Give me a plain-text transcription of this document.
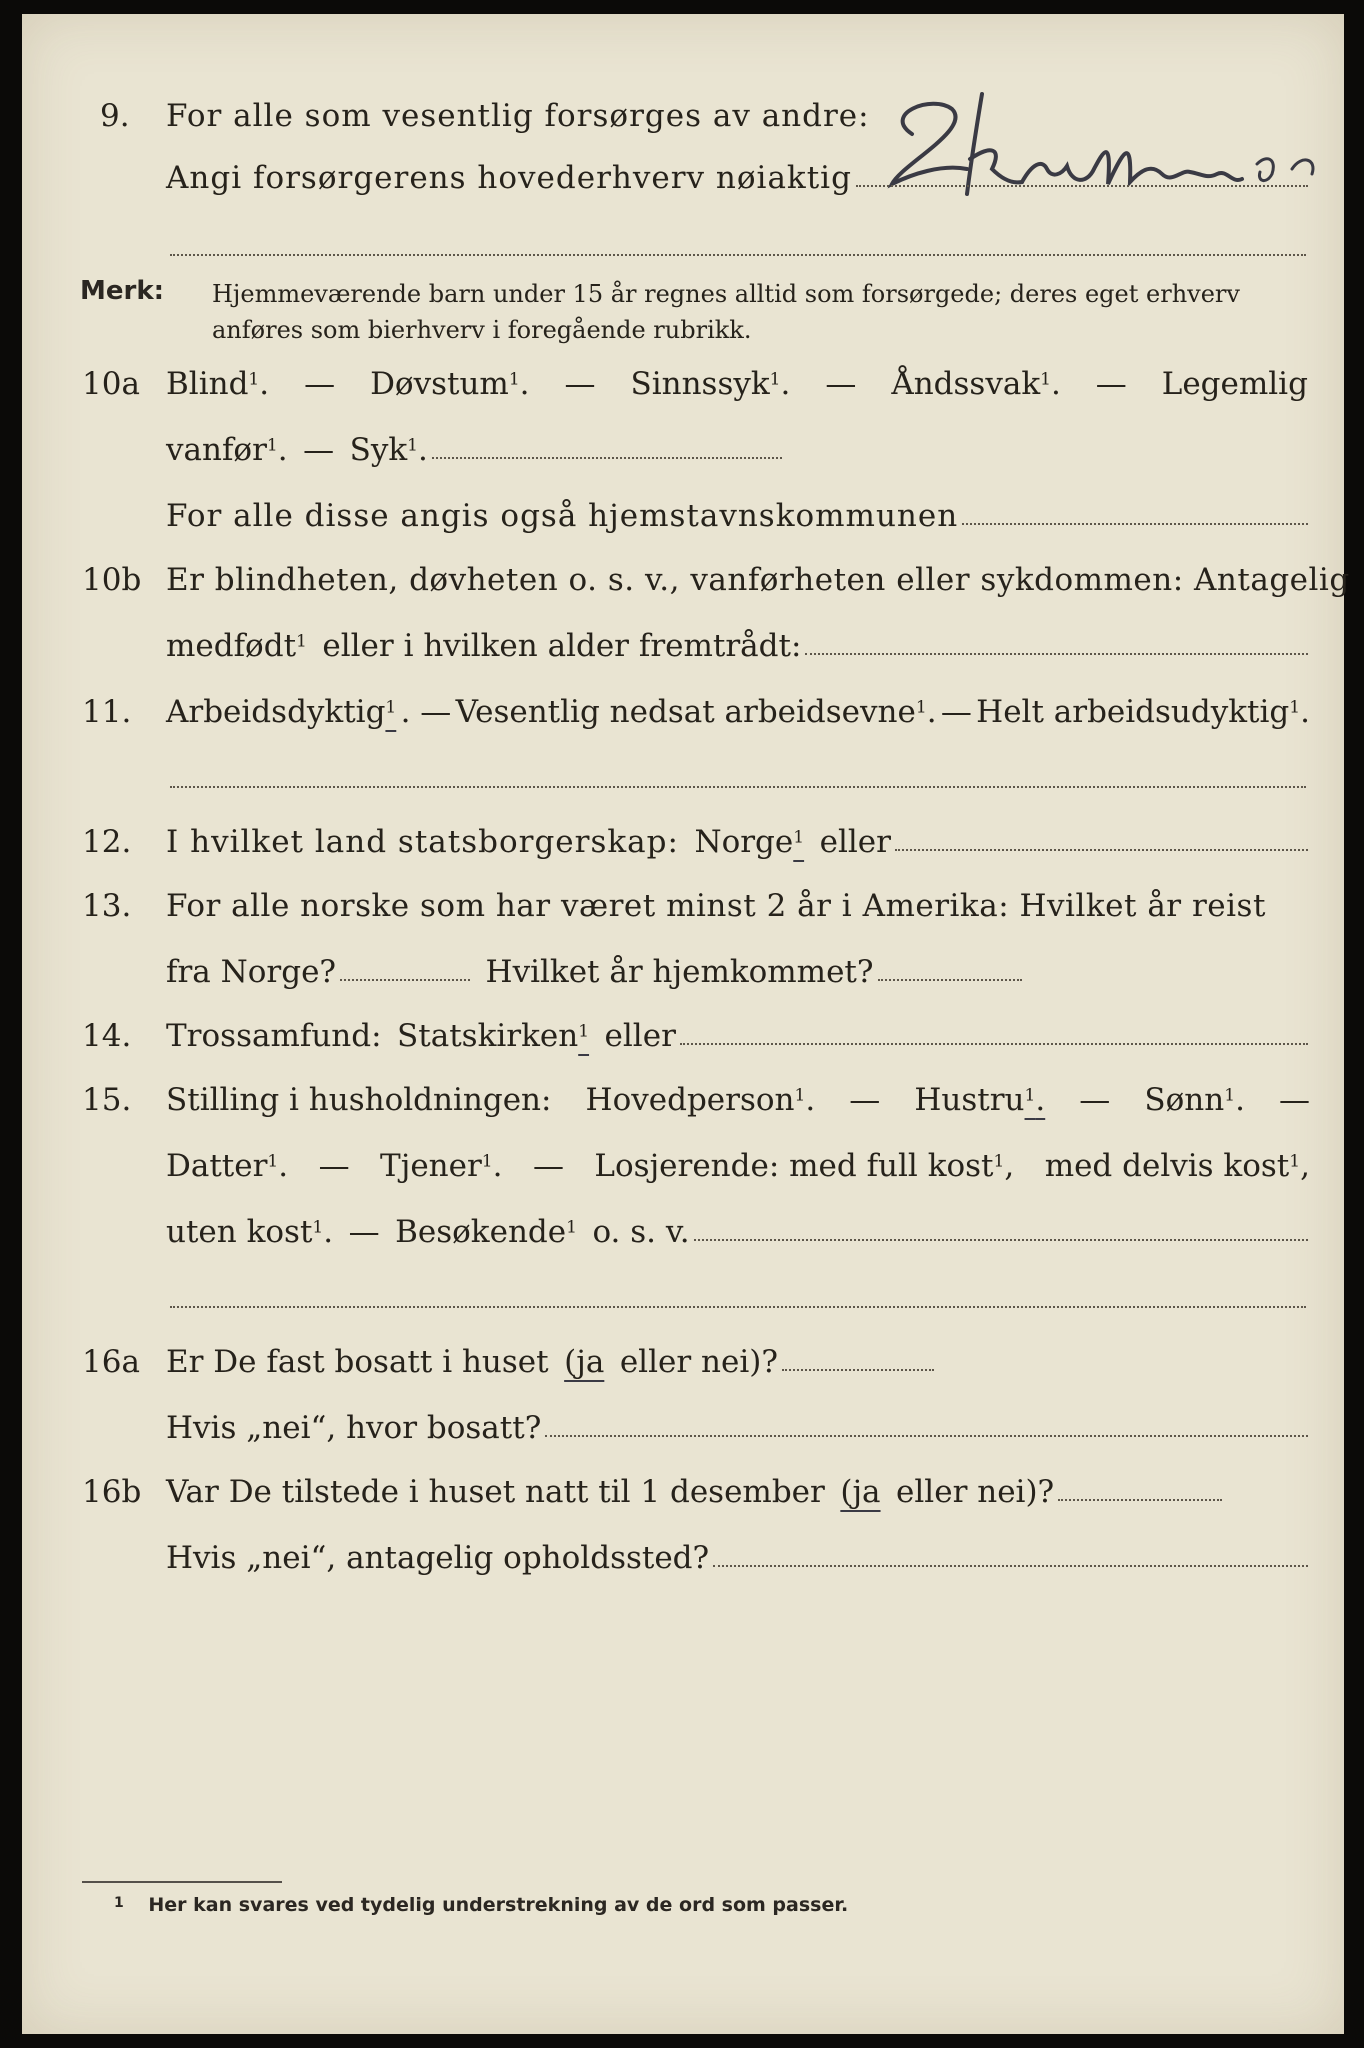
9.	For alle som vesentlig forsørges av andre:
Angi forsørgerens hovederhverv nøiaktig
Merk: Hjemmeværende barn under 15 år regnes alltid som forsørgede; deres eget erhverv anføres som bierhverv i foregående rubrikk.
10a Blind$^1$. — Døvstum$^1$. — Sinnssyk$^1$. — Åndssvak$^1$. — Legemlig
vanfør$^1$. — Syk$^1$.
For alle disse angis også hjemstavnskommunen
10b Er blindheten, døvheten o. s. v., vanførheten eller sykdommen: Antagelig
medfødt$^1$ eller i hvilken alder fremtrådt:
11.	Arbeidsdyktig$^1$ . — Vesentlig nedsat arbeidsevne$^1$. — Helt arbeidsudyktig$^1$.
12.	I hvilket land statsborgerskap: Norge$^1$ eller
13.	For alle norske som har været minst 2 år i Amerika: Hvilket år reist
fra Norge?	Hvilket år hjemkommet?
14.	Trossamfund: Statskirken$^1$ eller
15.	Stilling i husholdningen: Hovedperson$^1$. — Hustru$^1$. — Sønn$^1$. —
Datter$^1$. — Tjener$^1$. — Losjerende: med full kost$^1$, med delvis kost$^1$,
uten kost$^1$. — Besøkende$^1$ o. s. v.
16a Er De fast bosatt i huset (ja eller nei)?
Hvis „nei“, hvor bosatt?
16b Var De tilstede i huset natt til 1 desember (ja eller nei)?
Hvis „nei“, antagelig opholdssted?
$^1$ Her kan svares ved tydelig understrekning av de ord som passer.
